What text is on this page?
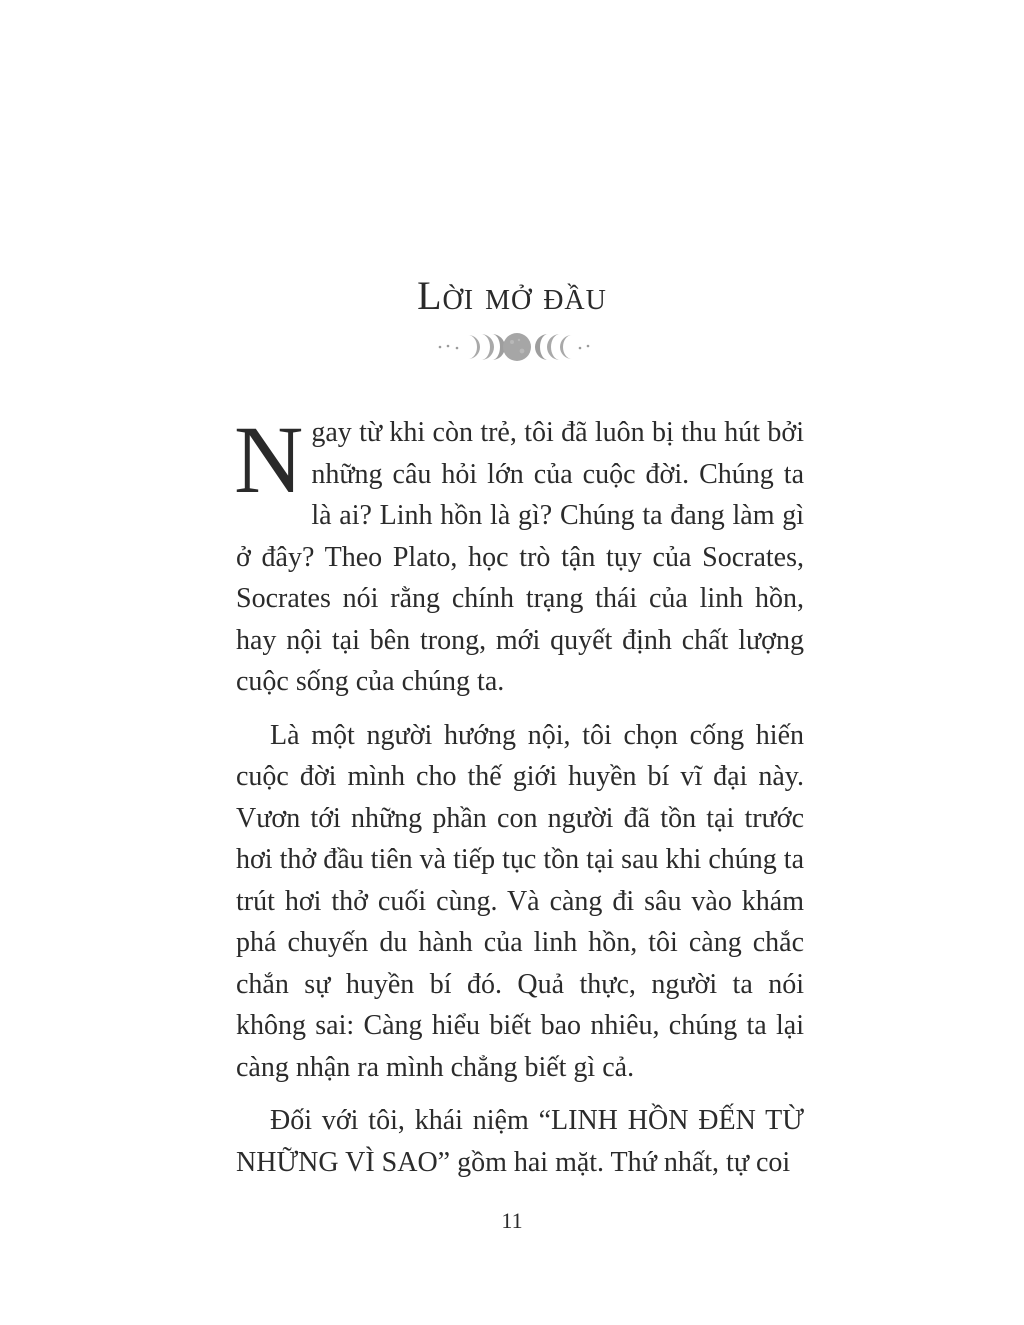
Lời mở đầu

Ngay từ khi còn trẻ, tôi đã luôn bị thu hút bởi những câu hỏi lớn của cuộc đời. Chúng ta là ai? Linh hồn là gì? Chúng ta đang làm gì ở đây? Theo Plato, học trò tận tụy của Socrates, Socrates nói rằng chính trạng thái của linh hồn, hay nội tại bên trong, mới quyết định chất lượng cuộc sống của chúng ta.

Là một người hướng nội, tôi chọn cống hiến cuộc đời mình cho thế giới huyền bí vĩ đại này. Vươn tới những phần con người đã tồn tại trước hơi thở đầu tiên và tiếp tục tồn tại sau khi chúng ta trút hơi thở cuối cùng. Và càng đi sâu vào khám phá chuyến du hành của linh hồn, tôi càng chắc chắn sự huyền bí đó. Quả thực, người ta nói không sai: Càng hiểu biết bao nhiêu, chúng ta lại càng nhận ra mình chẳng biết gì cả.

Đối với tôi, khái niệm “LINH HỒN ĐẾN TỪ NHỮNG VÌ SAO” gồm hai mặt. Thứ nhất, tự coi

11
